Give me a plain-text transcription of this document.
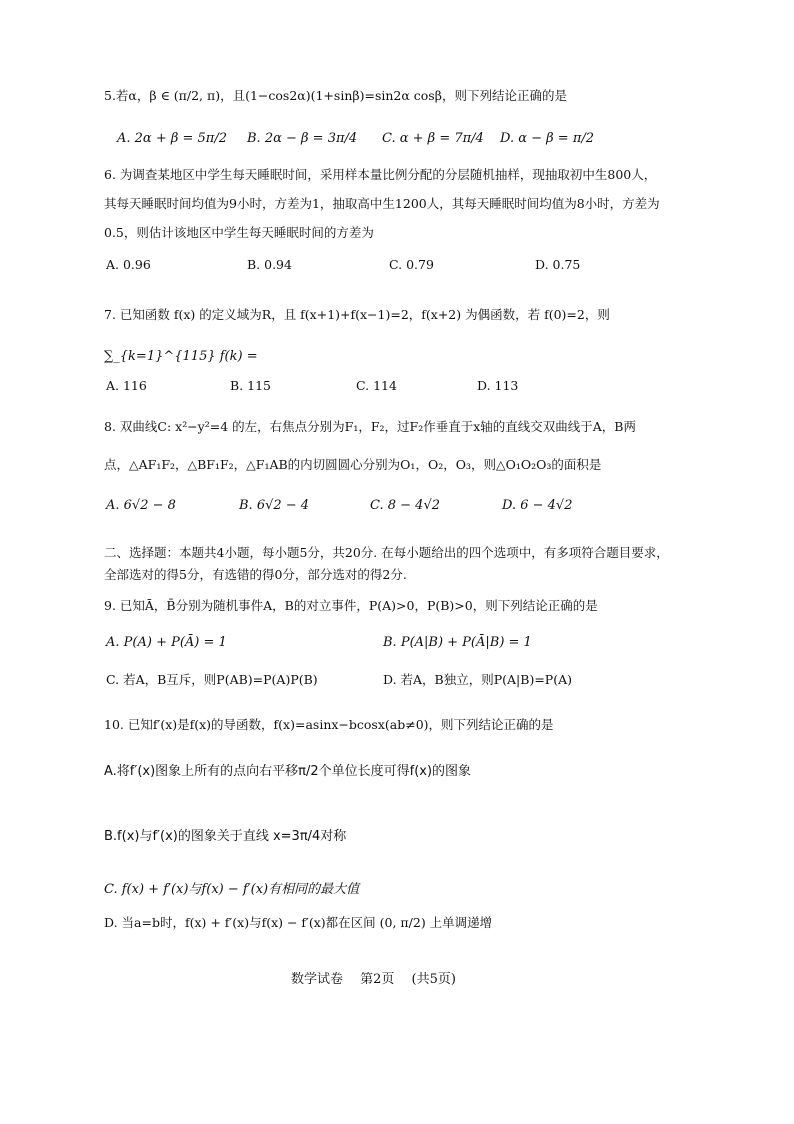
5.若α，β ∈ (π/2, π)，且(1−cos2α)(1+sinβ)=sin2α cosβ，则下列结论正确的是
A. 2α + β = 5π/2 B. 2α − β = 3π/4 C. α + β = 7π/4 D. α − β = π/2
6. 为调查某地区中学生每天睡眠时间，采用样本量比例分配的分层随机抽样，现抽取初中生800人，
其每天睡眠时间均值为9小时，方差为1，抽取高中生1200人，其每天睡眠时间均值为8小时，方差为
0.5，则估计该地区中学生每天睡眠时间的方差为
A. 0.96	B. 0.94	C. 0.79	D. 0.75
7. 已知函数 f(x) 的定义域为R，且 f(x+1)+f(x−1)=2，f(x+2) 为偶函数，若 f(0)=2，则
∑_{k=1}^{115} f(k) =
A. 116	B. 115	C. 114	D. 113
8. 双曲线C: x²−y²=4 的左，右焦点分别为F₁，F₂，过F₂作垂直于x轴的直线交双曲线于A，B两
点，△AF₁F₂，△BF₁F₂，△F₁AB的内切圆圆心分别为O₁，O₂，O₃，则△O₁O₂O₃的面积是
A. 6√2 − 8	B. 6√2 − 4	C. 8 − 4√2	D. 6 − 4√2
二、选择题：本题共4小题，每小题5分，共20分. 在每小题给出的四个选项中，有多项符合题目要求，
全部选对的得5分，有选错的得0分，部分选对的得2分.
9. 已知Ā，B̄分别为随机事件A，B的对立事件，P(A)>0，P(B)>0，则下列结论正确的是
A. P(A) + P(Ā) = 1	B. P(A|B) + P(Ā|B) = 1
C. 若A，B互斥，则P(AB)=P(A)P(B)	D. 若A，B独立，则P(A|B)=P(A)
10. 已知f′(x)是f(x)的导函数，f(x)=asinx−bcosx(ab≠0)，则下列结论正确的是
A.将f′(x)图象上所有的点向右平移π/2个单位长度可得f(x)的图象
B.f(x)与f′(x)的图象关于直线 x=3π/4对称
C. f(x) + f′(x)与f(x) − f′(x)有相同的最大值
D. 当a=b时，f(x) + f′(x)与f(x) − f′(x)都在区间 (0, π/2) 上单调递增
数学试卷　 第2页　 (共5页)
